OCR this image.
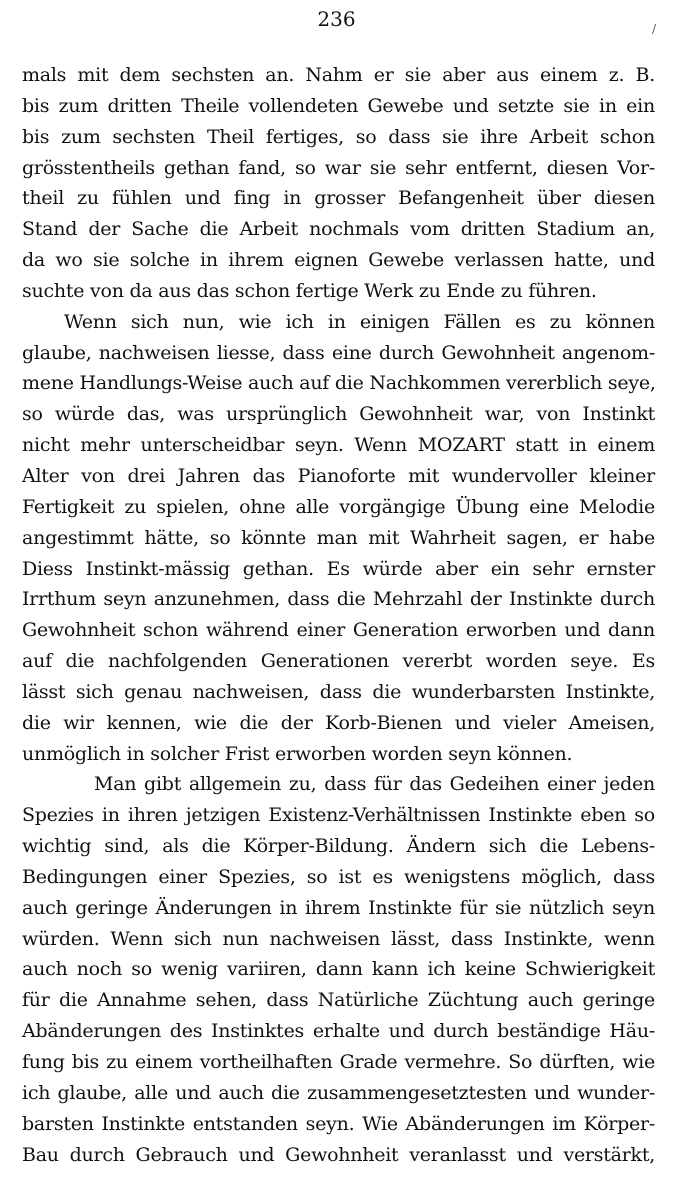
236	/
mals mit dem sechsten an. Nahm er sie aber aus einem z. B.
bis zum dritten Theile vollendeten Gewebe und setzte sie in ein
bis zum sechsten Theil fertiges, so dass sie ihre Arbeit schon
grösstentheils gethan fand, so war sie sehr entfernt, diesen Vor-
theil zu fühlen und fing in grosser Befangenheit über diesen
Stand der Sache die Arbeit nochmals vom dritten Stadium an,
da wo sie solche in ihrem eignen Gewebe verlassen hatte, und
suchte von da aus das schon fertige Werk zu Ende zu führen.
Wenn sich nun, wie ich in einigen Fällen es zu können
glaube, nachweisen liesse, dass eine durch Gewohnheit angenom-
mene Handlungs-Weise auch auf die Nachkommen vererblich seye,
so würde das, was ursprünglich Gewohnheit war, von Instinkt
nicht mehr unterscheidbar seyn. Wenn MOZART statt in einem
Alter von drei Jahren das Pianoforte mit wundervoller kleiner
Fertigkeit zu spielen, ohne alle vorgängige Übung eine Melodie
angestimmt hätte, so könnte man mit Wahrheit sagen, er habe
Diess Instinkt-mässig gethan. Es würde aber ein sehr ernster
Irrthum seyn anzunehmen, dass die Mehrzahl der Instinkte durch
Gewohnheit schon während einer Generation erworben und dann
auf die nachfolgenden Generationen vererbt worden seye. Es
lässt sich genau nachweisen, dass die wunderbarsten Instinkte,
die wir kennen, wie die der Korb-Bienen und vieler Ameisen,
unmöglich in solcher Frist erworben worden seyn können.
Man gibt allgemein zu, dass für das Gedeihen einer jeden
Spezies in ihren jetzigen Existenz-Verhältnissen Instinkte eben so
wichtig sind, als die Körper-Bildung. Ändern sich die Lebens-
Bedingungen einer Spezies, so ist es wenigstens möglich, dass
auch geringe Änderungen in ihrem Instinkte für sie nützlich seyn
würden. Wenn sich nun nachweisen lässt, dass Instinkte, wenn
auch noch so wenig variiren, dann kann ich keine Schwierigkeit
für die Annahme sehen, dass Natürliche Züchtung auch geringe
Abänderungen des Instinktes erhalte und durch beständige Häu-
fung bis zu einem vortheilhaften Grade vermehre. So dürften, wie
ich glaube, alle und auch die zusammengesetztesten und wunder-
barsten Instinkte entstanden seyn. Wie Abänderungen im Körper-
Bau durch Gebrauch und Gewohnheit veranlasst und verstärkt,
